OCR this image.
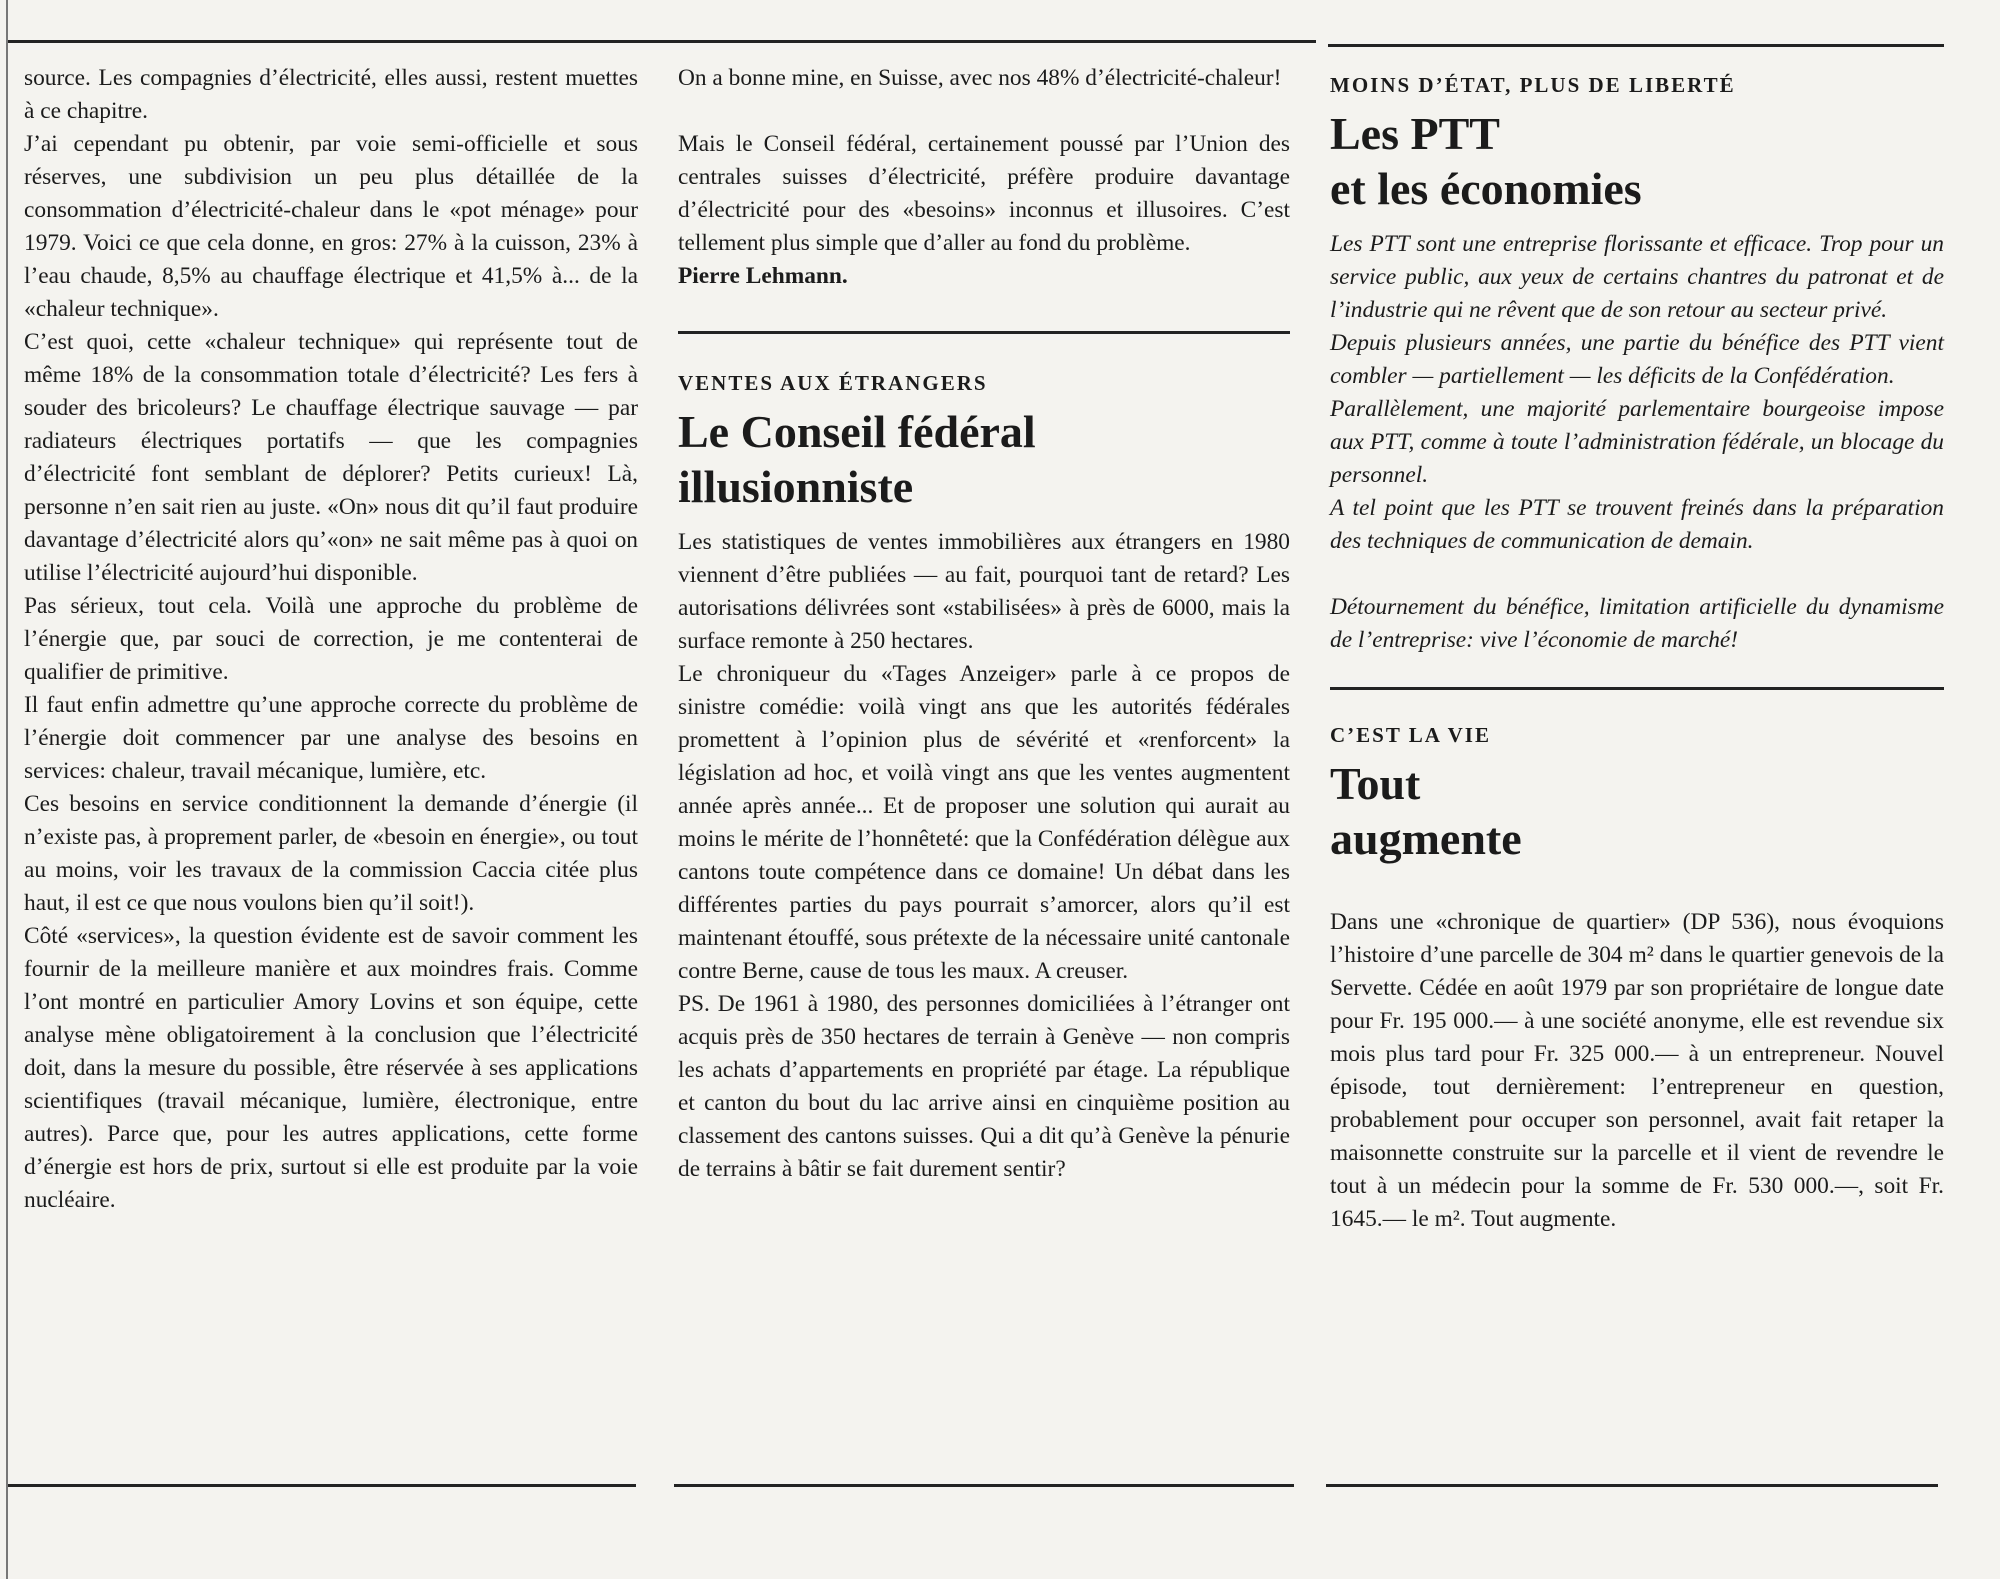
source. Les compagnies d’électricité, elles aussi, restent muettes à ce chapitre.

J’ai cependant pu obtenir, par voie semi-officielle et sous réserves, une subdivision un peu plus détaillée de la consommation d’électricité-chaleur dans le «pot ménage» pour 1979. Voici ce que cela donne, en gros: 27% à la cuisson, 23% à l’eau chaude, 8,5% au chauffage électrique et 41,5% à... de la «chaleur technique».

C’est quoi, cette «chaleur technique» qui représente tout de même 18% de la consommation totale d’électricité? Les fers à souder des bricoleurs? Le chauffage électrique sauvage — par radiateurs électriques portatifs — que les compagnies d’électricité font semblant de déplorer? Petits curieux! Là, personne n’en sait rien au juste. «On» nous dit qu’il faut produire davantage d’électricité alors qu’«on» ne sait même pas à quoi on utilise l’électricité aujourd’hui disponible.

Pas sérieux, tout cela. Voilà une approche du problème de l’énergie que, par souci de correction, je me contenterai de qualifier de primitive.

Il faut enfin admettre qu’une approche correcte du problème de l’énergie doit commencer par une analyse des besoins en services: chaleur, travail mécanique, lumière, etc.

Ces besoins en service conditionnent la demande d’énergie (il n’existe pas, à proprement parler, de «besoin en énergie», ou tout au moins, voir les travaux de la commission Caccia citée plus haut, il est ce que nous voulons bien qu’il soit!).

Côté «services», la question évidente est de savoir comment les fournir de la meilleure manière et aux moindres frais. Comme l’ont montré en particulier Amory Lovins et son équipe, cette analyse mène obligatoirement à la conclusion que l’électricité doit, dans la mesure du possible, être réservée à ses applications scientifiques (travail mécanique, lumière, électronique, entre autres). Parce que, pour les autres applications, cette forme d’énergie est hors de prix, surtout si elle est produite par la voie nucléaire.

On a bonne mine, en Suisse, avec nos 48% d’électricité-chaleur!

Mais le Conseil fédéral, certainement poussé par l’Union des centrales suisses d’électricité, préfère produire davantage d’électricité pour des «besoins» inconnus et illusoires. C’est tellement plus simple que d’aller au fond du problème.

Pierre Lehmann.

VENTES AUX ÉTRANGERS
Le Conseil fédéral
illusionniste

Les statistiques de ventes immobilières aux étrangers en 1980 viennent d’être publiées — au fait, pourquoi tant de retard? Les autorisations délivrées sont «stabilisées» à près de 6000, mais la surface remonte à 250 hectares.

Le chroniqueur du «Tages Anzeiger» parle à ce propos de sinistre comédie: voilà vingt ans que les autorités fédérales promettent à l’opinion plus de sévérité et «renforcent» la législation ad hoc, et voilà vingt ans que les ventes augmentent année après année... Et de proposer une solution qui aurait au moins le mérite de l’honnêteté: que la Confédération délègue aux cantons toute compétence dans ce domaine! Un débat dans les différentes parties du pays pourrait s’amorcer, alors qu’il est maintenant étouffé, sous prétexte de la nécessaire unité cantonale contre Berne, cause de tous les maux. A creuser.

PS. De 1961 à 1980, des personnes domiciliées à l’étranger ont acquis près de 350 hectares de terrain à Genève — non compris les achats d’appartements en propriété par étage. La république et canton du bout du lac arrive ainsi en cinquième position au classement des cantons suisses. Qui a dit qu’à Genève la pénurie de terrains à bâtir se fait durement sentir?

MOINS D’ÉTAT, PLUS DE LIBERTÉ
Les PTT
et les économies

Les PTT sont une entreprise florissante et efficace. Trop pour un service public, aux yeux de certains chantres du patronat et de l’industrie qui ne rêvent que de son retour au secteur privé.

Depuis plusieurs années, une partie du bénéfice des PTT vient combler — partiellement — les déficits de la Confédération.

Parallèlement, une majorité parlementaire bourgeoise impose aux PTT, comme à toute l’administration fédérale, un blocage du personnel.

A tel point que les PTT se trouvent freinés dans la préparation des techniques de communication de demain.

Détournement du bénéfice, limitation artificielle du dynamisme de l’entreprise: vive l’économie de marché!

C’EST LA VIE
Tout
augmente

Dans une «chronique de quartier» (DP 536), nous évoquions l’histoire d’une parcelle de 304 m² dans le quartier genevois de la Servette. Cédée en août 1979 par son propriétaire de longue date pour Fr. 195 000.— à une société anonyme, elle est revendue six mois plus tard pour Fr. 325 000.— à un entrepreneur. Nouvel épisode, tout dernièrement: l’entrepreneur en question, probablement pour occuper son personnel, avait fait retaper la maisonnette construite sur la parcelle et il vient de revendre le tout à un médecin pour la somme de Fr. 530 000.—, soit Fr. 1645.— le m². Tout augmente.
